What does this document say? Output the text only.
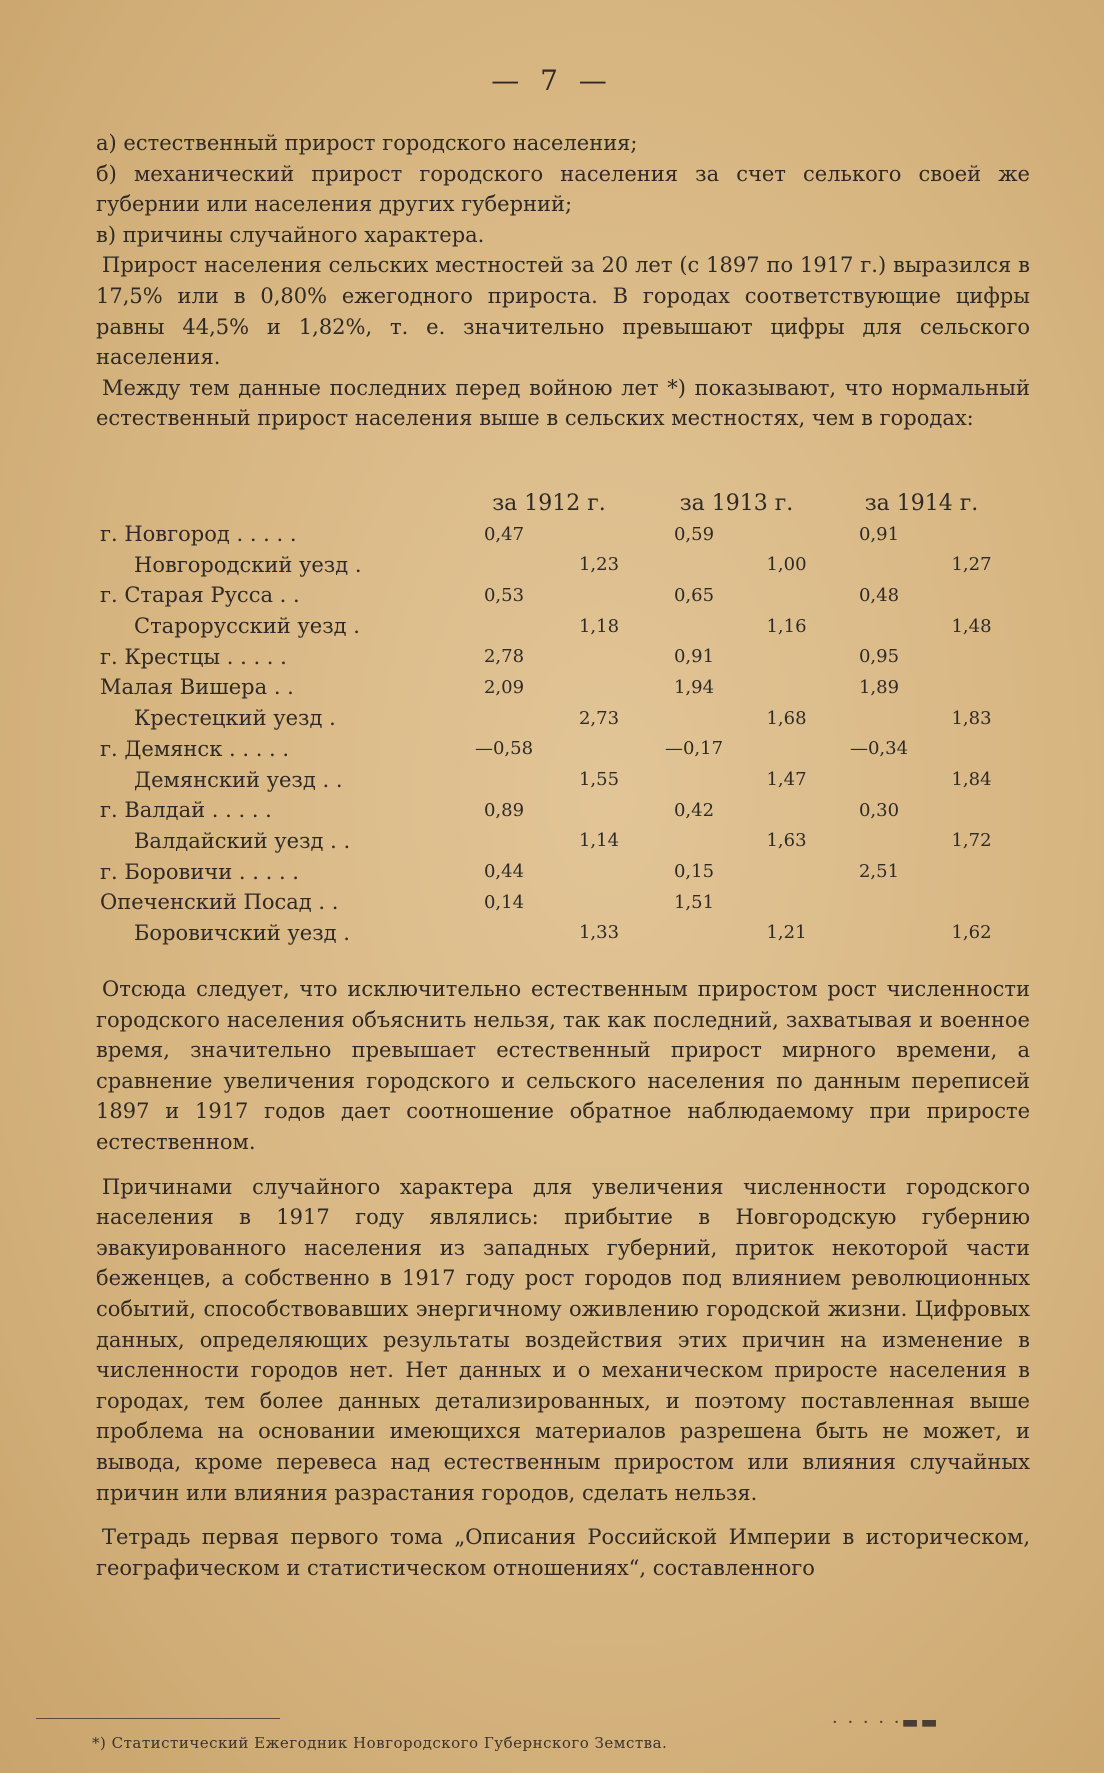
— 7 —

а) естественный прирост городского населения;

б) механический прирост городского населения за счет селького своей же губернии или населения других губерний;

в) причины случайного характера.

Прирост населения сельских местностей за 20 лет (с 1897 по 1917 г.) выразился в 17,5% или в 0,80% ежегодного прироста. В городах соответствующие цифры равны 44,5% и 1,82%, т. е. значительно превышают цифры для сельского населения.

Между тем данные последних перед войною лет *) показывают, что нормальный естественный прирост населения выше в сельских местностях, чем в городах:

	за 1912 г.		за 1913 г.		за 1914 г.	
г. Новгород . . . . .	0,47		0,59		0,91	
Новгородский уезд .		1,23		1,00		1,27
г. Старая Русса . .	0,53		0,65		0,48	
Старорусский уезд .		1,18		1,16		1,48
г. Крестцы . . . . .	2,78		0,91		0,95	
Малая Вишера . .	2,09		1,94		1,89	
Крестецкий уезд .		2,73		1,68		1,83
г. Демянск . . . . .	—0,58		—0,17		—0,34	
Демянский уезд . .		1,55		1,47		1,84
г. Валдай . . . . .	0,89		0,42		0,30	
Валдайский уезд . .		1,14		1,63		1,72
г. Боровичи . . . . .	0,44		0,15		2,51	
Опеченский Посад . .	0,14		1,51			
Боровичский уезд .		1,33		1,21		1,62

Отсюда следует, что исключительно естественным приростом рост численности городского населения объяснить нельзя, так как последний, захватывая и военное время, значительно превышает естественный прирост мирного времени, а сравнение увеличения городского и сельского населения по данным переписей 1897 и 1917 годов дает соотношение обратное наблюдаемому при приросте естественном.

Причинами случайного характера для увеличения численности городского населения в 1917 году являлись: прибытие в Новгородскую губернию эвакуированного населения из западных губерний, приток некоторой части беженцев, а собственно в 1917 году рост городов под влиянием революционных событий, способствовавших энергичному оживлению городской жизни. Цифровых данных, определяющих результаты воздействия этих причин на изменение в численности городов нет. Нет данных и о механическом приросте населения в городах, тем более данных детализированных, и поэтому поставленная выше проблема на основании имеющихся материалов разрешена быть не может, и вывода, кроме перевеса над естественным приростом или влияния случайных причин или влияния разрастания городов, сделать нельзя.

Тетрадь первая первого тома „Описания Российской Империи в историческом, географическом и статистическом отношениях“, составленного

*) Статистический Ежегодник Новгородского Губернского Земства.
· · · · ·▬▬
